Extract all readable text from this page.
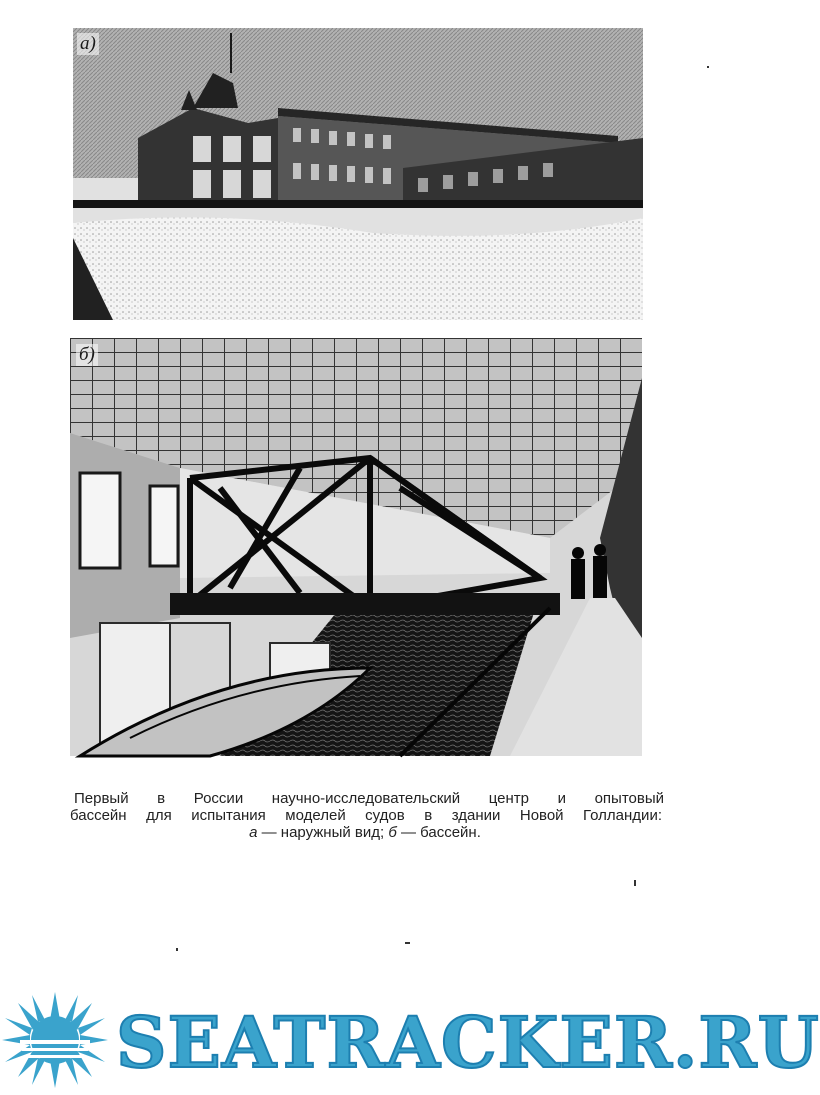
а)
б)
Первый в России научно-исследовательский центр и опытовый
бассейн для испытания моделей судов в здании Новой Голландии:
а — наружный вид; б — бассейн.
SEATRACKER.RU
